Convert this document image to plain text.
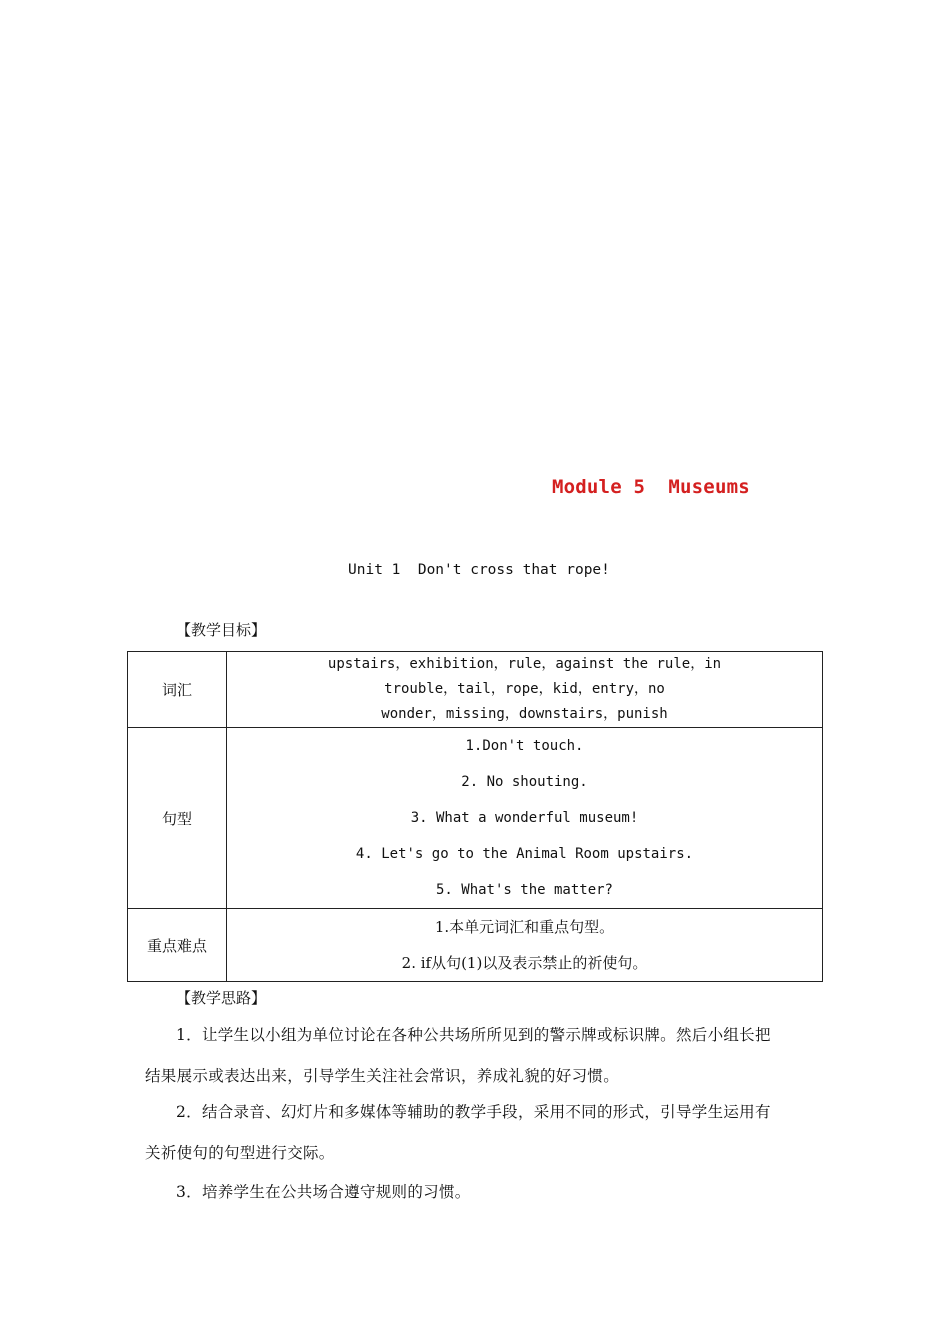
Module 5  Museums
Unit 1  Don't cross that rope!
【教学目标】
词汇	upstairs，exhibition，rule，against the rule，in
trouble，tail，rope，kid，entry，no
wonder，missing，downstairs，punish

句型	1.Don't touch.
2. No shouting.
3. What a wonderful museum!
4. Let's go to the Animal Room upstairs.
5. What's the matter?

重点难点	1.本单元词汇和重点句型。
2. if从句(1)以及表示禁止的祈使句。
【教学思路】
1．让学生以小组为单位讨论在各种公共场所所见到的警示牌或标识牌。然后小组长把
结果展示或表达出来，引导学生关注社会常识，养成礼貌的好习惯。
2．结合录音、幻灯片和多媒体等辅助的教学手段，采用不同的形式，引导学生运用有
关祈使句的句型进行交际。
3．培养学生在公共场合遵守规则的习惯。
